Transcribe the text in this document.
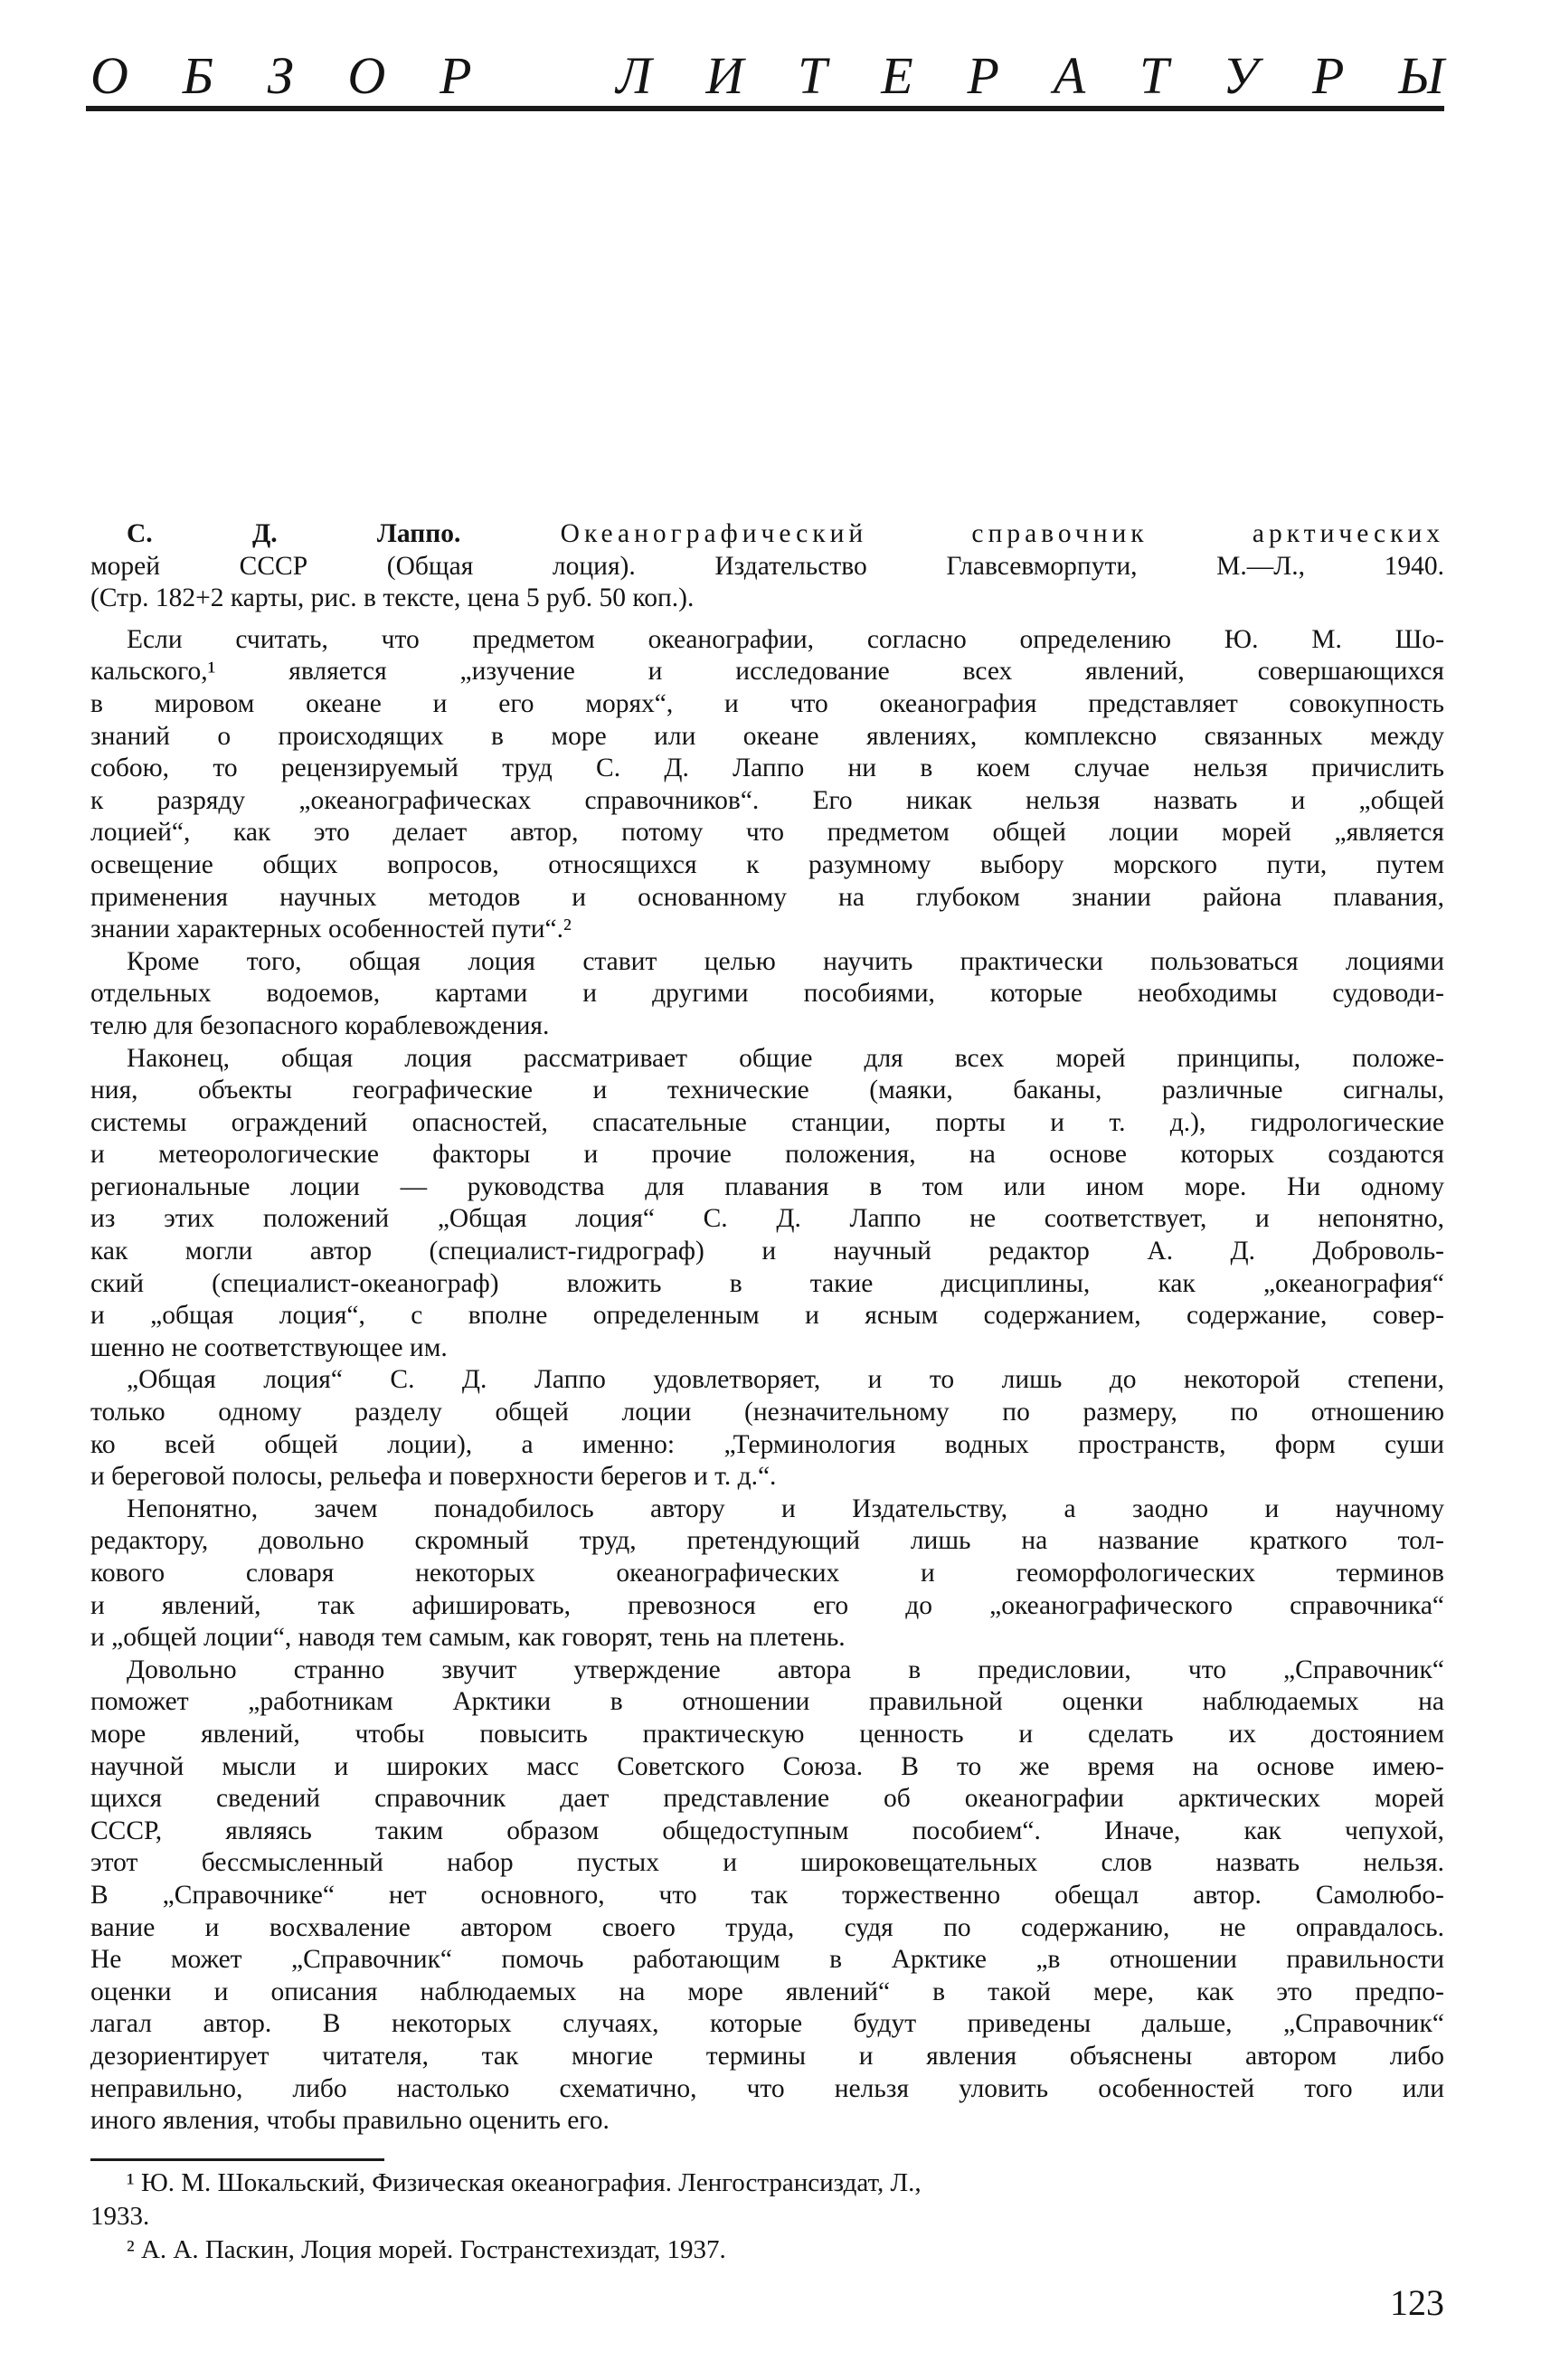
О Б З О Р	Л И Т Е Р А Т У Р Ы
С. Д. Лаппо.	Океанографический справочник арктических
морей СССР (Общая лоция). Издательство Главсевморпути, М.—Л., 1940.
(Стр. 182+2 карты, рис. в тексте, цена 5 руб. 50 коп.).
Если считать, что предметом океанографии, согласно определению Ю. М. Шо-
кальского,¹ является „изучение и исследование всех явлений, совершающихся
в мировом океане и его морях“, и что океанография представляет совокупность
знаний о происходящих в море или океане явлениях, комплексно связанных между
собою, то рецензируемый труд С. Д. Лаппо ни в коем случае нельзя причислить
к разряду „океанографическах справочников“. Его никак нельзя назвать и „общей
лоцией“, как это делает автор, потому что предметом общей лоции морей „является
освещение общих вопросов, относящихся к разумному выбору морского пути, путем
применения научных методов и основанному на глубоком знании района плавания,
знании характерных особенностей пути“.²
Кроме того, общая лоция ставит целью научить практически пользоваться лоциями
отдельных водоемов, картами и другими пособиями, которые необходимы судоводи-
телю для безопасного кораблевождения.
Наконец, общая лоция рассматривает общие для всех морей принципы, положе-
ния, объекты географические и технические (маяки, баканы, различные сигналы,
системы ограждений опасностей, спасательные станции, порты и т. д.), гидрологические
и метеорологические факторы и прочие положения, на основе которых создаются
региональные лоции — руководства для плавания в том или ином море. Ни одному
из этих положений „Общая лоция“ С. Д. Лаппо не соответствует, и непонятно,
как могли автор (специалист-гидрограф) и научный редактор А. Д. Доброволь-
ский (специалист-океанограф) вложить в такие дисциплины, как „океанография“
и „общая лоция“, с вполне определенным и ясным содержанием, содержание, совер-
шенно не соответствующее им.
„Общая лоция“ С. Д. Лаппо удовлетворяет, и то лишь до некоторой степени,
только одному разделу общей лоции (незначительному по размеру, по отношению
ко всей общей лоции), а именно: „Терминология водных пространств, форм суши
и береговой полосы, рельефа и поверхности берегов и т. д.“.
Непонятно, зачем понадобилось автору и Издательству, а заодно и научному
редактору, довольно скромный труд, претендующий лишь на название краткого тол-
кового словаря некоторых океанографических и геоморфологических терминов
и явлений, так афишировать, превознося его до „океанографического справочника“
и „общей лоции“, наводя тем самым, как говорят, тень на плетень.
Довольно странно звучит утверждение автора в предисловии, что „Справочник“
поможет „работникам Арктики в отношении правильной оценки наблюдаемых на
море явлений, чтобы повысить практическую ценность и сделать их достоянием
научной мысли и широких масс Советского Союза. В то же время на основе имею-
щихся сведений справочник дает представление об океанографии арктических морей
СССР, являясь таким образом общедоступным пособием“. Иначе, как чепухой,
этот бессмысленный набор пустых и широковещательных слов назвать нельзя.
В „Справочнике“ нет основного, что так торжественно обещал автор. Самолюбо-
вание и восхваление автором своего труда, судя по содержанию, не оправдалось.
Не может „Справочник“ помочь работающим в Арктике „в отношении правильности
оценки и описания наблюдаемых на море явлений“ в такой мере, как это предпо-
лагал автор. В некоторых случаях, которые будут приведены дальше, „Справочник“
дезориентирует читателя, так многие термины и явления объяснены автором либо
неправильно, либо настолько схематично, что нельзя уловить особенностей того или
иного явления, чтобы правильно оценить его.
¹ Ю. М. Шокальский, Физическая океанография. Ленгострансиздат, Л.,
1933.
² А. А. Паскин, Лоция морей. Гостранстехиздат, 1937.
123
